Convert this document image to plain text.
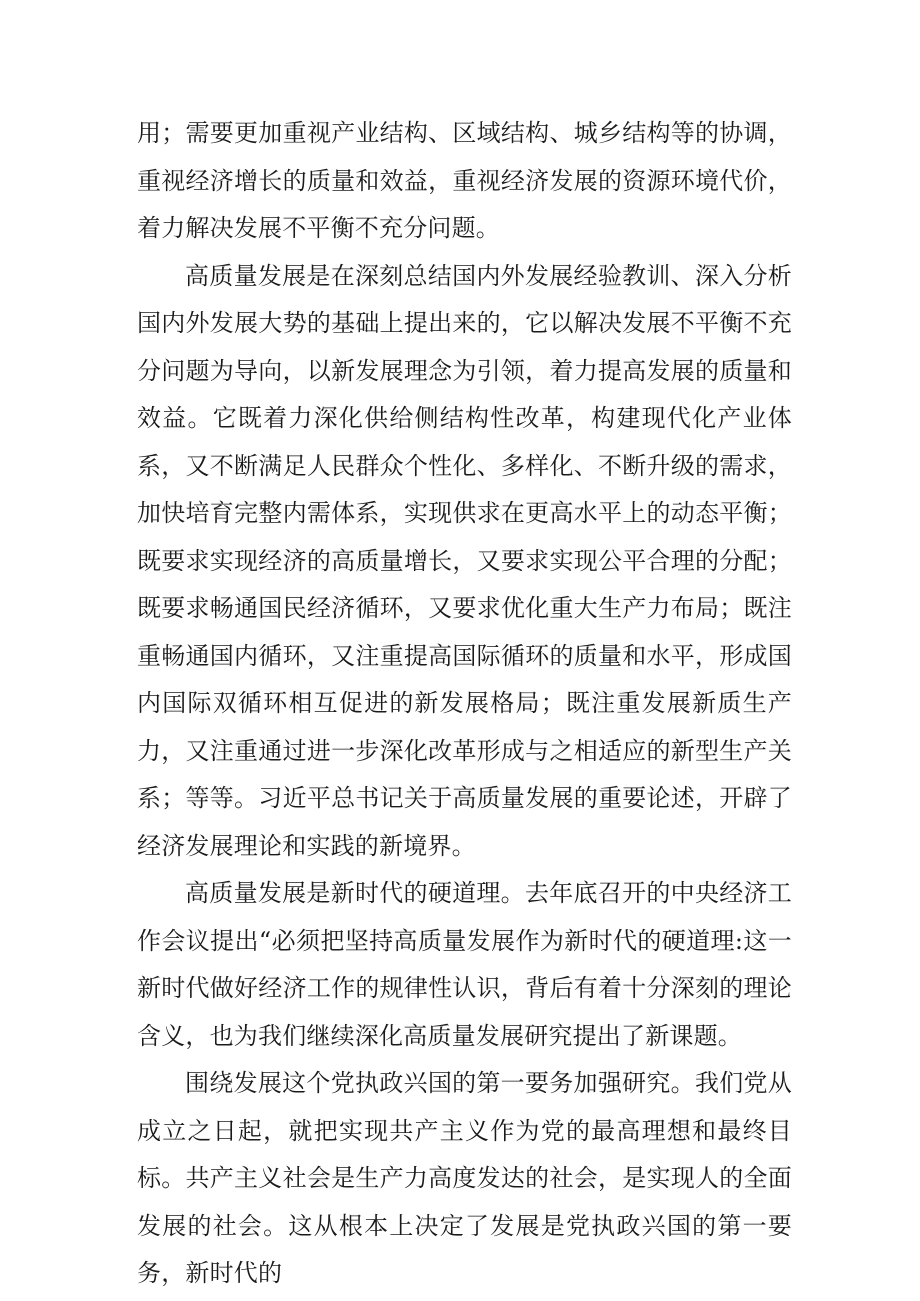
用；需要更加重视产业结构、区域结构、城乡结构等的协调，重视经济增长的质量和效益，重视经济发展的资源环境代价，着力解决发展不平衡不充分问题。

高质量发展是在深刻总结国内外发展经验教训、深入分析国内外发展大势的基础上提出来的，它以解决发展不平衡不充分问题为导向，以新发展理念为引领，着力提高发展的质量和效益。它既着力深化供给侧结构性改革，构建现代化产业体系，又不断满足人民群众个性化、多样化、不断升级的需求，加快培育完整内需体系，实现供求在更高水平上的动态平衡；既要求实现经济的高质量增长，又要求实现公平合理的分配；既要求畅通国民经济循环，又要求优化重大生产力布局；既注重畅通国内循环，又注重提高国际循环的质量和水平，形成国内国际双循环相互促进的新发展格局；既注重发展新质生产力，又注重通过进一步深化改革形成与之相适应的新型生产关系；等等。习近平总书记关于高质量发展的重要论述，开辟了经济发展理论和实践的新境界。

高质量发展是新时代的硬道理。去年底召开的中央经济工作会议提出“必须把坚持高质量发展作为新时代的硬道理:这一新时代做好经济工作的规律性认识，背后有着十分深刻的理论含义，也为我们继续深化高质量发展研究提出了新课题。

围绕发展这个党执政兴国的第一要务加强研究。我们党从成立之日起，就把实现共产主义作为党的最高理想和最终目标。共产主义社会是生产力高度发达的社会，是实现人的全面发展的社会。这从根本上决定了发展是党执政兴国的第一要务，新时代的
